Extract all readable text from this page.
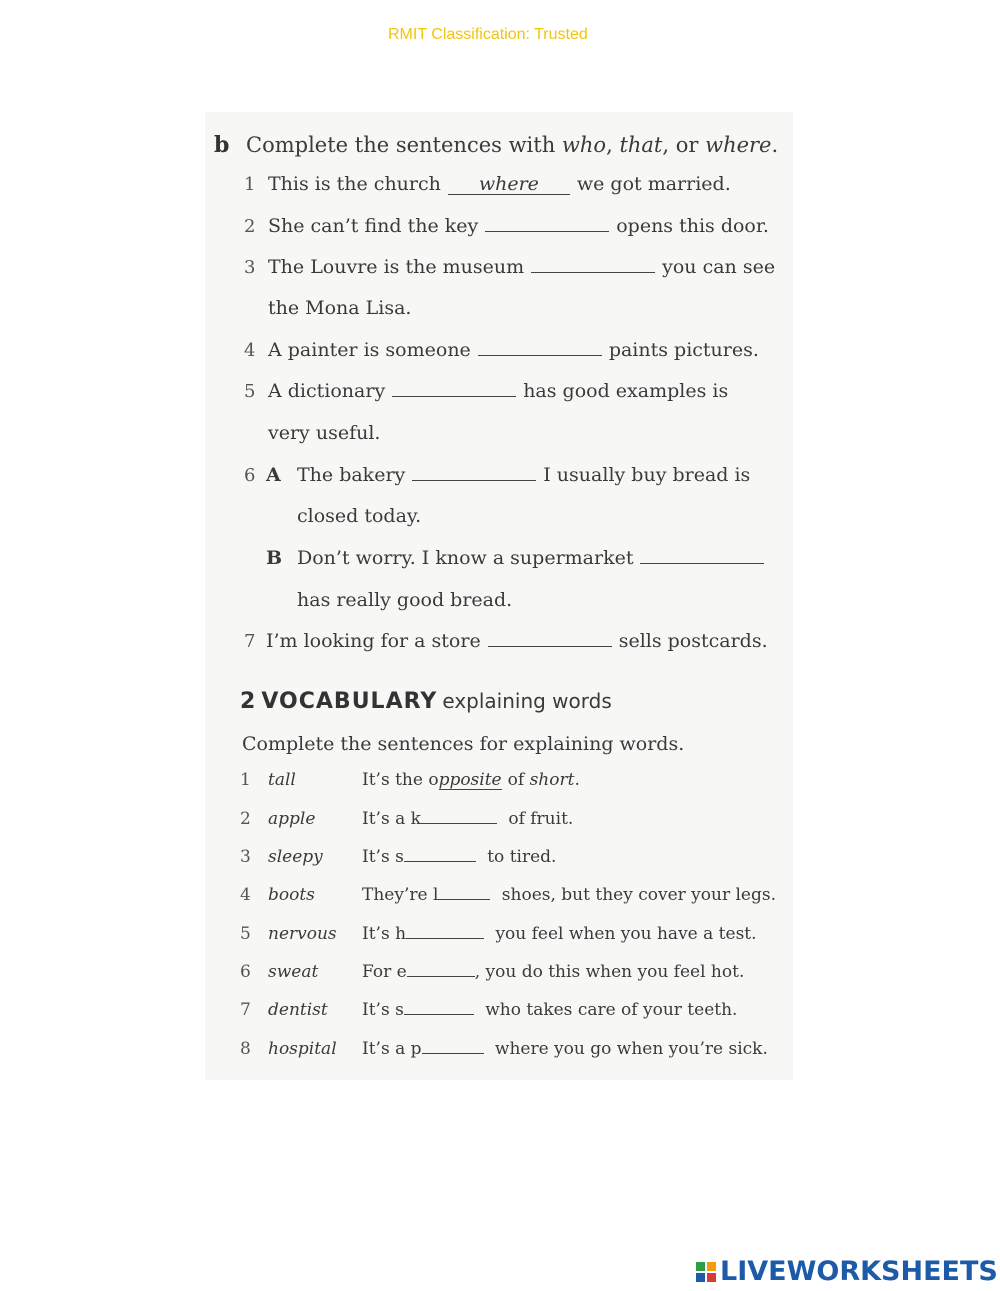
RMIT Classification: Trusted
b Complete the sentences with who, that, or where.
1 This is the church where we got married.
2 She can’t find the key	opens this door.
3 The Louvre is the museum	you can see
the Mona Lisa.
4 A painter is someone	paints pictures.
5 A dictionary	has good examples is
very useful.
6 A The bakery	I usually buy bread is
closed today.
B Don’t worry. I know a supermarket
has really good bread.
7 I’m looking for a store	sells postcards.
2 VOCABULARY explaining words
Complete the sentences for explaining words.
1 tall	It’s the opposite of short.
2 apple	It’s a k	of fruit.
3 sleepy It’s s	to tired.
4 boots	They’re l	shoes, but they cover your legs.
5 nervous It’s h	you feel when you have a test.
6 sweat	For e	, you do this when you feel hot.
7 dentist It’s s	who takes care of your teeth.
8 hospital It’s a p	where you go when you’re sick.
LIVEWORKSHEETS
